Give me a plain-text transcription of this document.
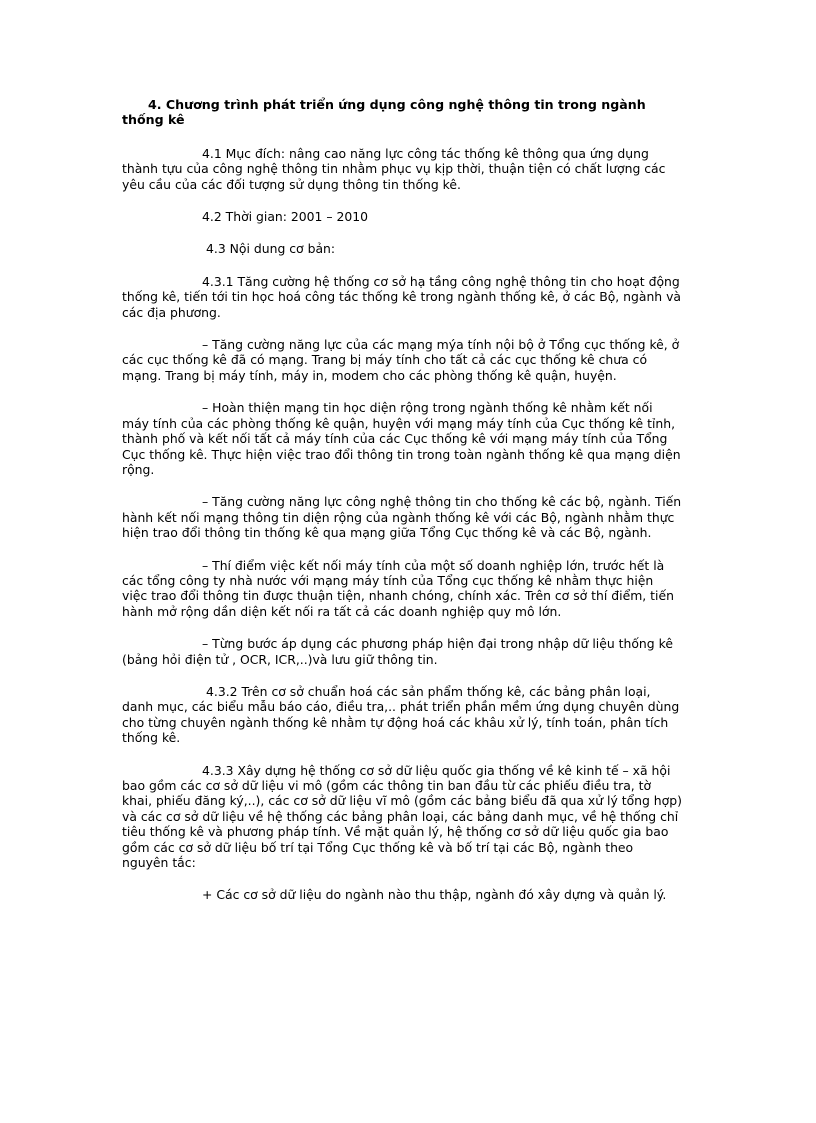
4. Chương trình phát triển ứng dụng công nghệ thông tin trong ngành thống kê

4.1 Mục đích: nâng cao năng lực công tác thống kê thông qua ứng dụng thành tựu của công nghệ thông tin nhằm phục vụ kịp thời, thuận tiện có chất lượng các yêu cầu của các đối tượng sử dụng thông tin thống kê.

4.2 Thời gian: 2001 – 2010

4.3 Nội dung cơ bản:

4.3.1 Tăng cường hệ thống cơ sở hạ tầng công nghệ thông tin cho hoạt động thống kê, tiến tới tin học hoá công tác thống kê trong ngành thống kê, ở các Bộ, ngành và các địa phương.

– Tăng cường năng lực của các mạng mýa tính nội bộ ở Tổng cục thống kê, ở các cục thống kê đã có mạng. Trang bị máy tính cho tất cả các cục thống kê chưa có mạng. Trang bị máy tính, máy in, modem cho các phòng thống kê quận, huyện.

– Hoàn thiện mạng tin học diện rộng trong ngành thống kê nhằm kết nối máy tính của các phòng thống kê quận, huyện với mạng máy tính của Cục thống kê tỉnh, thành phố và kết nối tất cả máy tính của các Cục thống kê với mạng máy tính của Tổng Cục thống kê. Thực hiện việc trao đổi thông tin trong toàn ngành thống kê qua mạng diện rộng.

– Tăng cường năng lực công nghệ thông tin cho thống kê các bộ, ngành. Tiến hành kết nối mạng thông tin diện rộng của ngành thống kê với các Bộ, ngành nhằm thực hiện trao đổi thông tin thống kê qua mạng giữa Tổng Cục thống kê và các Bộ, ngành.

– Thí điểm việc kết nối máy tính của một số doanh nghiệp lớn, trước hết là các tổng công ty nhà nước với mạng máy tính của Tổng cục thống kê nhằm thực hiện việc trao đổi thông tin được thuận tiện, nhanh chóng, chính xác. Trên cơ sở thí điểm, tiến hành mở rộng dần diện kết nối ra tất cả các doanh nghiệp quy mô lớn.

– Từng bước áp dụng các phương pháp hiện đại trong nhập dữ liệu thống kê (bảng hỏi điện tử , OCR, ICR,..)và lưu giữ thông tin.

4.3.2 Trên cơ sở chuẩn hoá các sản phẩm thống kê, các bảng phân loại, danh mục, các biểu mẫu báo cáo, điều tra,.. phát triển phần mềm ứng dụng chuyên dùng cho từng chuyên ngành thống kê nhằm tự động hoá các khâu xử lý, tính toán, phân tích thống kê.

4.3.3 Xây dựng hệ thống cơ sở dữ liệu quốc gia thống về kê kinh tế – xã hội bao gồm các cơ sở dữ liệu vi mô (gồm các thông tin ban đầu từ các phiếu điều tra, tờ khai, phiếu đăng ký,..), các cơ sở dữ liệu vĩ mô (gồm các bảng biểu đã qua xử lý tổng hợp) và các cơ sở dữ liệu về hệ thống các bảng phân loại, các bảng danh mục, về hệ thống chỉ tiêu thống kê và phương pháp tính. Về mặt quản lý, hệ thống cơ sở dữ liệu quốc gia bao gồm các cơ sở dữ liệu bố trí tại Tổng Cục thống kê và bố trí tại các Bộ, ngành theo nguyên tắc:

+ Các cơ sở dữ liệu do ngành nào thu thập, ngành đó xây dựng và quản lý.
